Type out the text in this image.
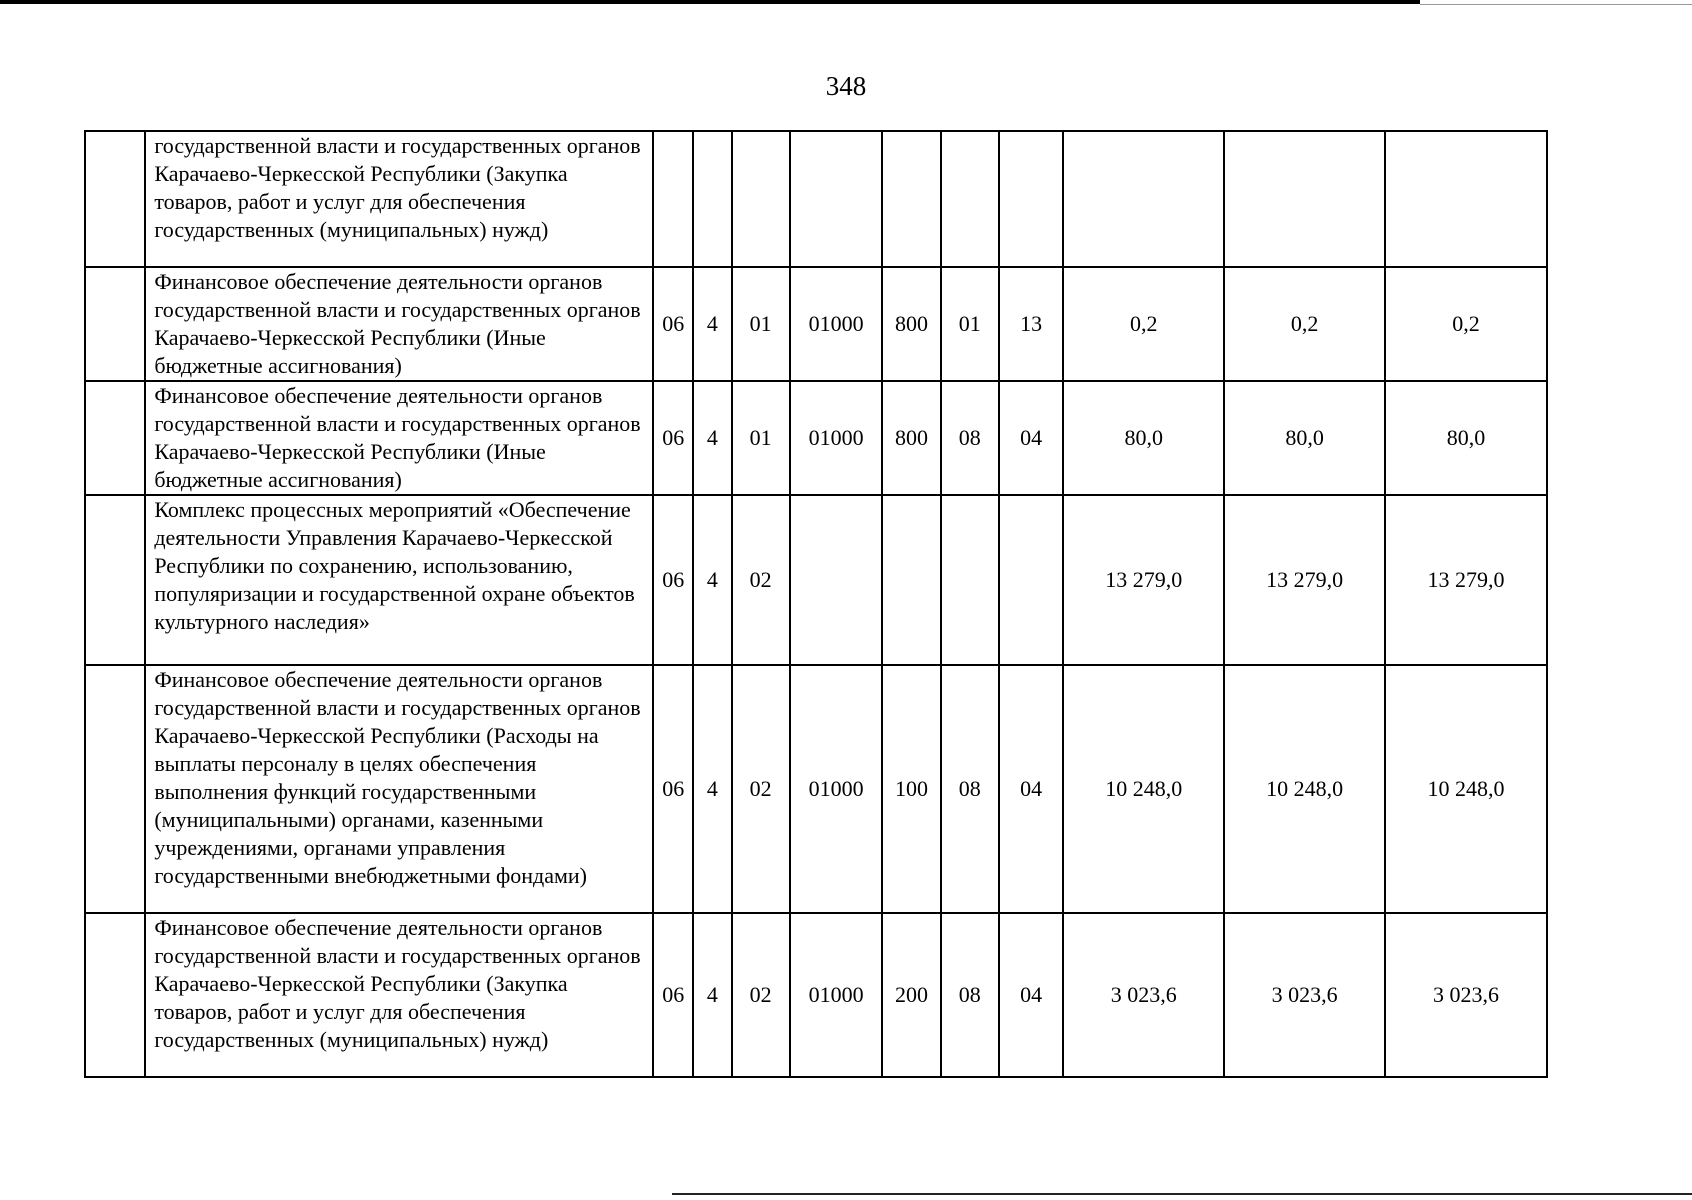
348
	государственной власти и государственных органов Карачаево-Черкесской Республики (Закупка товаров, работ и услуг для обеспечения государственных (муниципальных) нужд)										
	Финансовое обеспечение деятельности органов государственной власти и государственных органов Карачаево-Черкесской Республики (Иные бюджетные ассигнования)	06	4	01	01000	800	01	13	0,2	0,2	0,2
	Финансовое обеспечение деятельности органов государственной власти и государственных органов Карачаево-Черкесской Республики (Иные бюджетные ассигнования)	06	4	01	01000	800	08	04	80,0	80,0	80,0
	Комплекс процессных мероприятий «Обеспечение деятельности Управления Карачаево-Черкесской Республики по сохранению, использованию, популяризации и государственной охране объектов культурного наследия»	06	4	02					13 279,0	13 279,0	13 279,0
	Финансовое обеспечение деятельности органов государственной власти и государственных органов Карачаево-Черкесской Республики (Расходы на выплаты персоналу в целях обеспечения выполнения функций государственными (муниципальными) органами, казенными учреждениями, органами управления государственными внебюджетными фондами)	06	4	02	01000	100	08	04	10 248,0	10 248,0	10 248,0
	Финансовое обеспечение деятельности органов государственной власти и государственных органов Карачаево-Черкесской Республики (Закупка товаров, работ и услуг для обеспечения государственных (муниципальных) нужд)	06	4	02	01000	200	08	04	3 023,6	3 023,6	3 023,6
